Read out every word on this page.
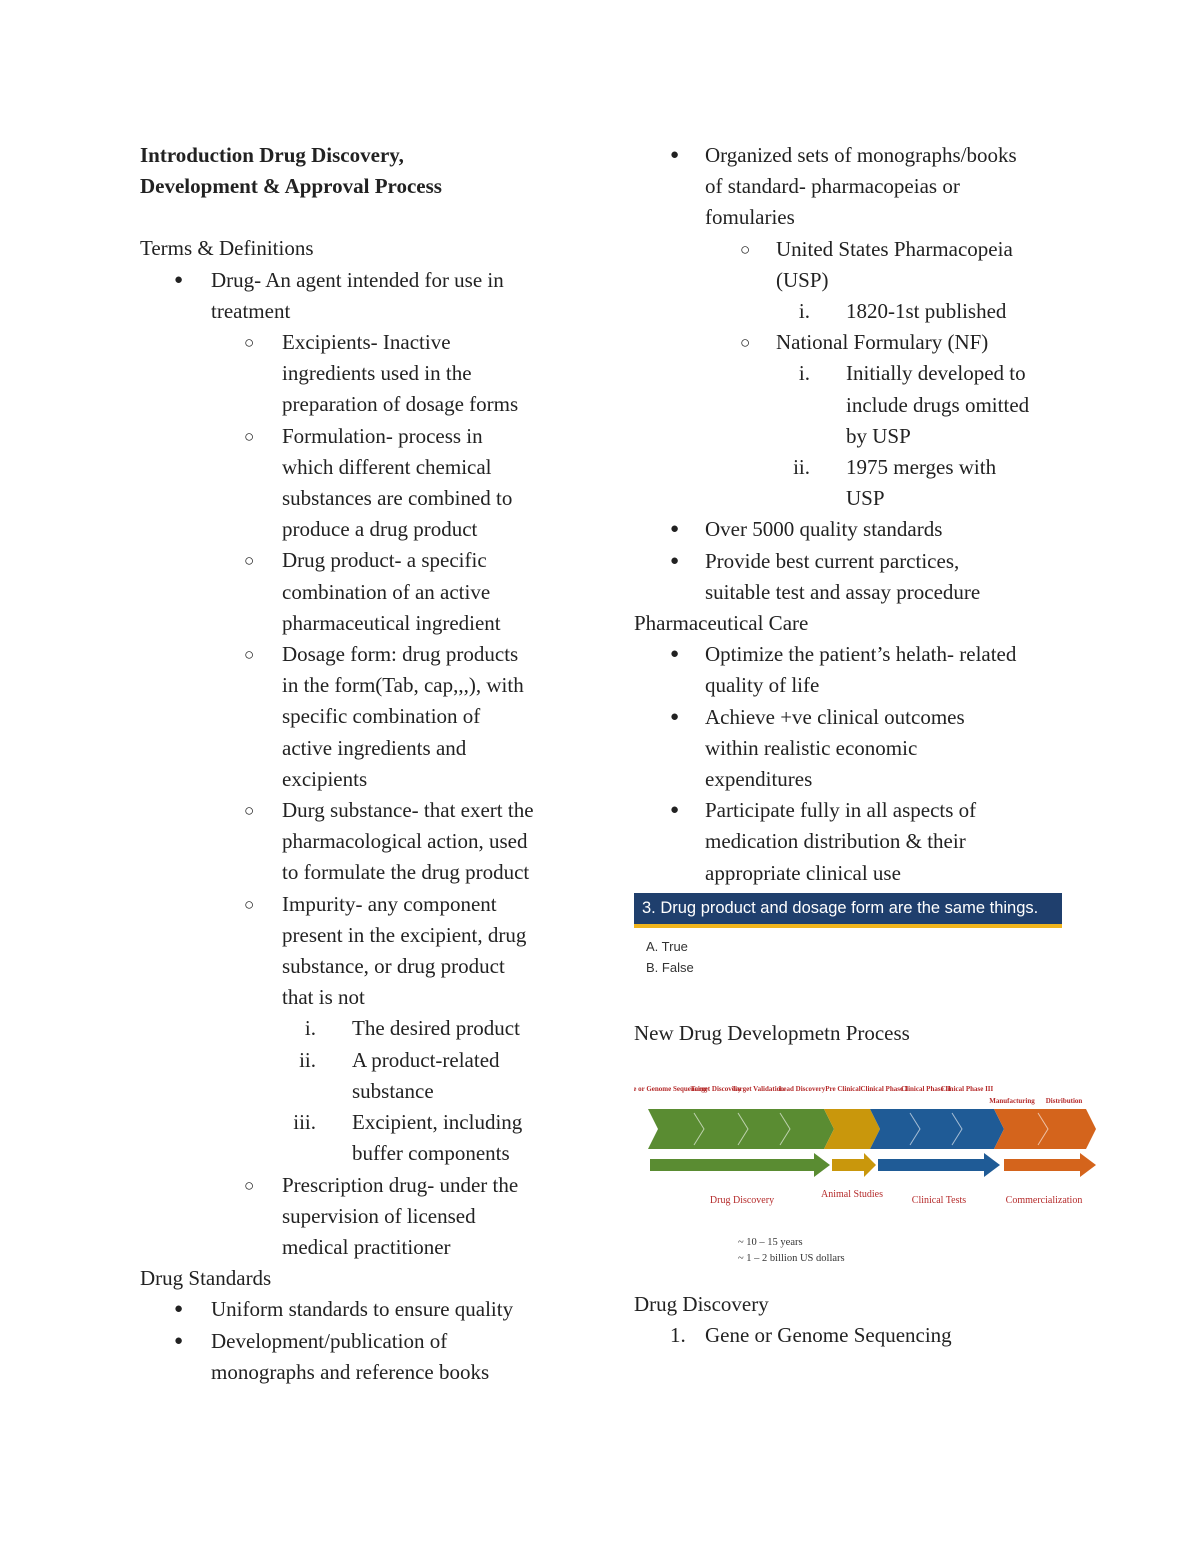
Introduction Drug Discovery,
Development & Approval Process
Terms & Definitions
● Drug- An agent intended for use in
treatment
○ Excipients- Inactive
ingredients used in the
preparation of dosage forms
○ Formulation- process in
which different chemical
substances are combined to
produce a drug product
○ Drug product- a specific
combination of an active
pharmaceutical ingredient
○ Dosage form: drug products
in the form(Tab, cap,,,), with
specific combination of
active ingredients and
excipients
○ Durg substance- that exert the
pharmacological action, used
to formulate the drug product
○ Impurity- any component
present in the excipient, drug
substance, or drug product
that is not
i. The desired product
ii. A product-related
substance
iii. Excipient, including
buffer components
○ Prescription drug- under the
supervision of licensed
medical practitioner
Drug Standards
● Uniform standards to ensure quality
● Development/publication of
monographs and reference books
● Organized sets of monographs/books
of standard- pharmacopeias or
fomularies
○ United States Pharmacopeia
(USP)
i. 1820-1st published
○ National Formulary (NF)
i. Initially developed to
include drugs omitted
by USP
ii. 1975 merges with
USP
● Over 5000 quality standards
● Provide best current parctices,
suitable test and assay procedure
Pharmaceutical Care
● Optimize the patient’s helath- related
quality of life
● Achieve +ve clinical outcomes
within realistic economic
expenditures
● Participate fully in all aspects of
medication distribution & their
appropriate clinical use
3. Drug product and dosage form are the same things.
A. True
B. False
New Drug Developmetn Process
e or Genome Sequencing
Target Discovery
Target Validation
Lead Discovery Pre Clinical Clinical Phase I
Clinical Phase II
Clinical Phase III
Manufacturing Distribution
Drug Discovery
Animal Studies
Clinical Tests	Commercialization
~ 10 – 15 years
~ 1 – 2 billion US dollars
Drug Discovery
1. Gene or Genome Sequencing
